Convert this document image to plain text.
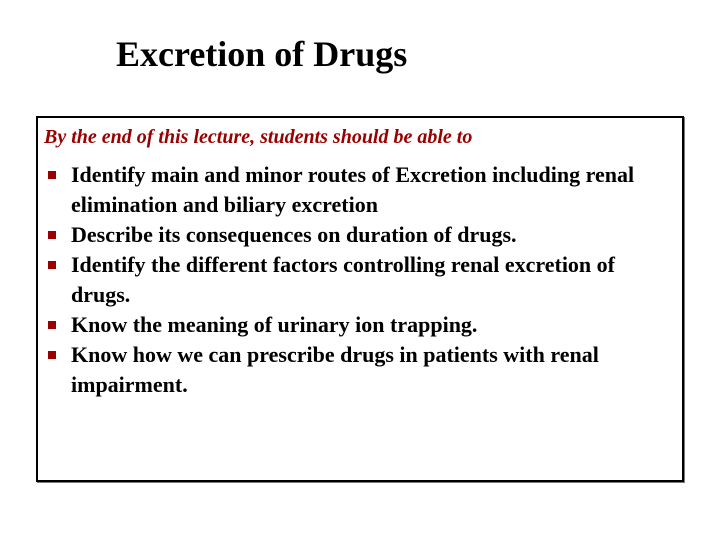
Excretion of Drugs
By the end of this lecture, students should be able to
Identify main and minor routes of Excretion including renal elimination and biliary excretion
Describe its consequences on duration of drugs.
Identify the different factors controlling renal excretion of drugs.
Know the meaning of urinary ion trapping.
Know how we can prescribe drugs in patients with renal impairment.
